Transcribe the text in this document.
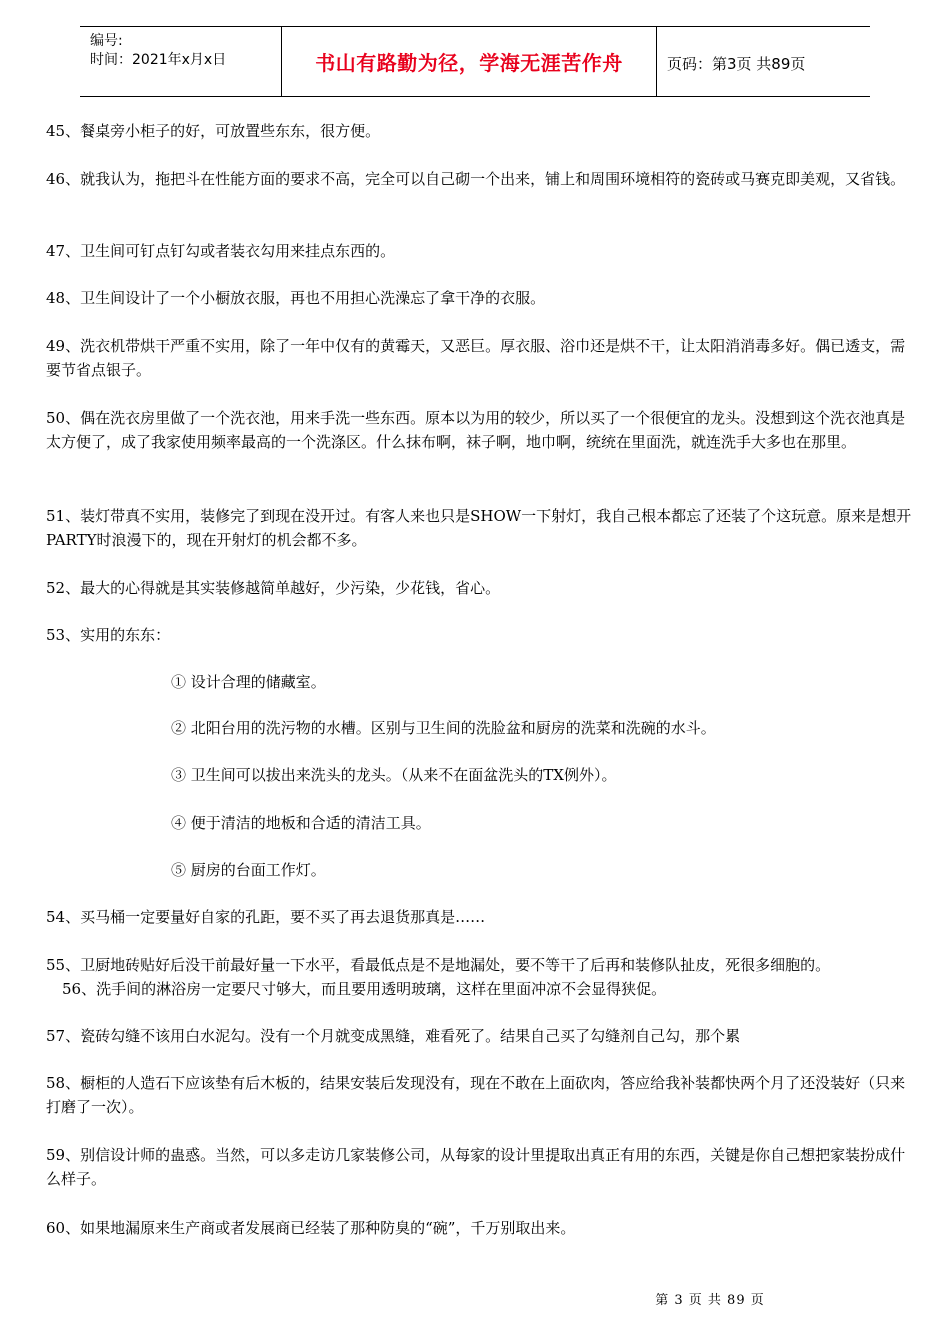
编号:
时间：2021年x月x日	书山有路勤为径，学海无涯苦作舟	页码：第3页 共89页

45、餐桌旁小柜子的好，可放置些东东，很方便。

46、就我认为，拖把斗在性能方面的要求不高，完全可以自己砌一个出来，铺上和周围环境相符的瓷砖或马赛克即美观，又省钱。

47、卫生间可钉点钉勾或者装衣勾用来挂点东西的。

48、卫生间设计了一个小橱放衣服，再也不用担心洗澡忘了拿干净的衣服。

49、洗衣机带烘干严重不实用，除了一年中仅有的黄霉天，又恶巨。厚衣服、浴巾还是烘不干，让太阳消消毒多好。偶已透支，需要节省点银子。

50、偶在洗衣房里做了一个洗衣池，用来手洗一些东西。原本以为用的较少，所以买了一个很便宜的龙头。没想到这个洗衣池真是太方便了，成了我家使用频率最高的一个洗涤区。什么抹布啊，袜子啊，地巾啊，统统在里面洗，就连洗手大多也在那里。

51、装灯带真不实用，装修完了到现在没开过。有客人来也只是SHOW一下射灯，我自己根本都忘了还装了个这玩意。原来是想开PARTY时浪漫下的，现在开射灯的机会都不多。

52、最大的心得就是其实装修越简单越好，少污染，少花钱，省心。

53、实用的东东：

① 设计合理的储藏室。

② 北阳台用的洗污物的水槽。区别与卫生间的洗脸盆和厨房的洗菜和洗碗的水斗。

③ 卫生间可以拔出来洗头的龙头。（从来不在面盆洗头的TX例外）。

④ 便于清洁的地板和合适的清洁工具。

⑤ 厨房的台面工作灯。

54、买马桶一定要量好自家的孔距，要不买了再去退货那真是……

55、卫厨地砖贴好后没干前最好量一下水平，看最低点是不是地漏处，要不等干了后再和装修队扯皮，死很多细胞的。

56、洗手间的淋浴房一定要尺寸够大，而且要用透明玻璃，这样在里面冲凉不会显得狭促。

57、瓷砖勾缝不该用白水泥勾。没有一个月就变成黑缝，难看死了。结果自己买了勾缝剂自己勾，那个累

58、橱柜的人造石下应该垫有后木板的，结果安装后发现没有，现在不敢在上面砍肉，答应给我补装都快两个月了还没装好（只来打磨了一次）。

59、别信设计师的蛊惑。当然，可以多走访几家装修公司，从每家的设计里提取出真正有用的东西，关键是你自己想把家装扮成什么样子。

60、如果地漏原来生产商或者发展商已经装了那种防臭的“碗”，千万别取出来。

第 3 页 共 89 页
